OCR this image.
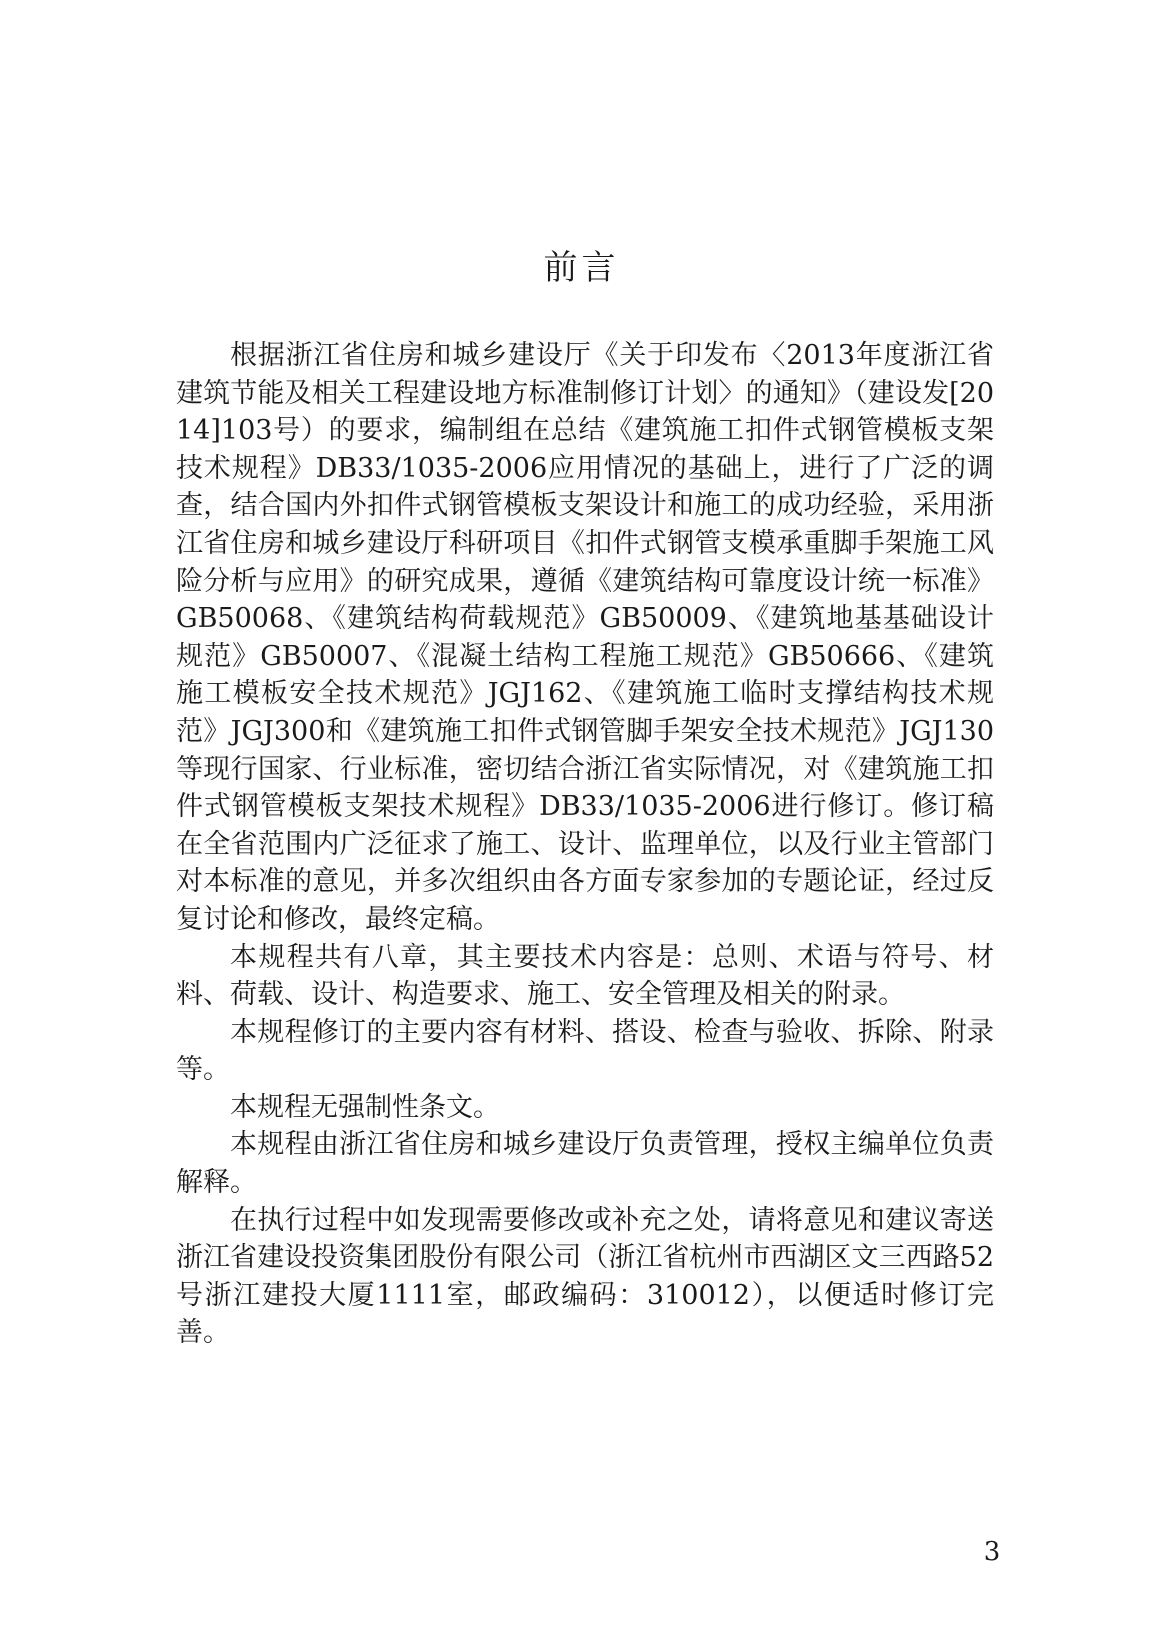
前言

根据浙江省住房和城乡建设厅《关于印发布〈2013年度浙江省建筑节能及相关工程建设地方标准制修订计划〉的通知》（建设发[2014]103号）的要求，编制组在总结《建筑施工扣件式钢管模板支架技术规程》DB33/1035-2006应用情况的基础上，进行了广泛的调查，结合国内外扣件式钢管模板支架设计和施工的成功经验，采用浙江省住房和城乡建设厅科研项目《扣件式钢管支模承重脚手架施工风险分析与应用》的研究成果，遵循《建筑结构可靠度设计统一标准》GB50068、《建筑结构荷载规范》GB50009、《建筑地基基础设计规范》GB50007、《混凝土结构工程施工规范》GB50666、《建筑施工模板安全技术规范》JGJ162、《建筑施工临时支撑结构技术规范》JGJ300和《建筑施工扣件式钢管脚手架安全技术规范》JGJ130等现行国家、行业标准，密切结合浙江省实际情况，对《建筑施工扣件式钢管模板支架技术规程》DB33/1035-2006进行修订。修订稿在全省范围内广泛征求了施工、设计、监理单位，以及行业主管部门对本标准的意见，并多次组织由各方面专家参加的专题论证，经过反复讨论和修改，最终定稿。

本规程共有八章，其主要技术内容是：总则、术语与符号、材料、荷载、设计、构造要求、施工、安全管理及相关的附录。

本规程修订的主要内容有材料、搭设、检查与验收、拆除、附录等。

本规程无强制性条文。

本规程由浙江省住房和城乡建设厅负责管理，授权主编单位负责解释。

在执行过程中如发现需要修改或补充之处，请将意见和建议寄送浙江省建设投资集团股份有限公司（浙江省杭州市西湖区文三西路52号浙江建投大厦1111室，邮政编码：310012），以便适时修订完善。

3
